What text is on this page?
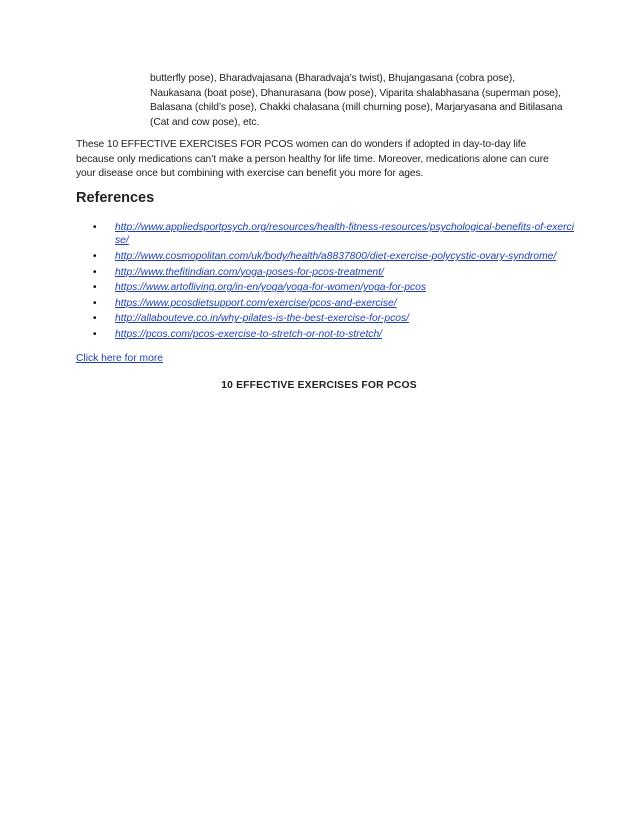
butterfly pose), Bharadvajasana (Bharadvaja’s twist), Bhujangasana (cobra pose), Naukasana (boat pose), Dhanurasana (bow pose), Viparita shalabhasana (superman pose), Balasana (child’s pose), Chakki chalasana (mill churning pose), Marjaryasana and Bitilasana (Cat and cow pose), etc.

These 10 EFFECTIVE EXERCISES FOR PCOS women can do wonders if adopted in day-to-day life because only medications can’t make a person healthy for life time. Moreover, medications alone can cure your disease once but combining with exercise can benefit you more for ages.

References
• http://www.appliedsportpsych.org/resources/health-fitness-resources/psychological-benefits-of-exercise/
• http://www.cosmopolitan.com/uk/body/health/a8837800/diet-exercise-polycystic-ovary-syndrome/
• http://www.thefitindian.com/yoga-poses-for-pcos-treatment/
• https://www.artofliving.org/in-en/yoga/yoga-for-women/yoga-for-pcos
• https://www.pcosdietsupport.com/exercise/pcos-and-exercise/
• http://allabouteve.co.in/why-pilates-is-the-best-exercise-for-pcos/
• https://pcos.com/pcos-exercise-to-stretch-or-not-to-stretch/
Click here for more
10 EFFECTIVE EXERCISES FOR PCOS
